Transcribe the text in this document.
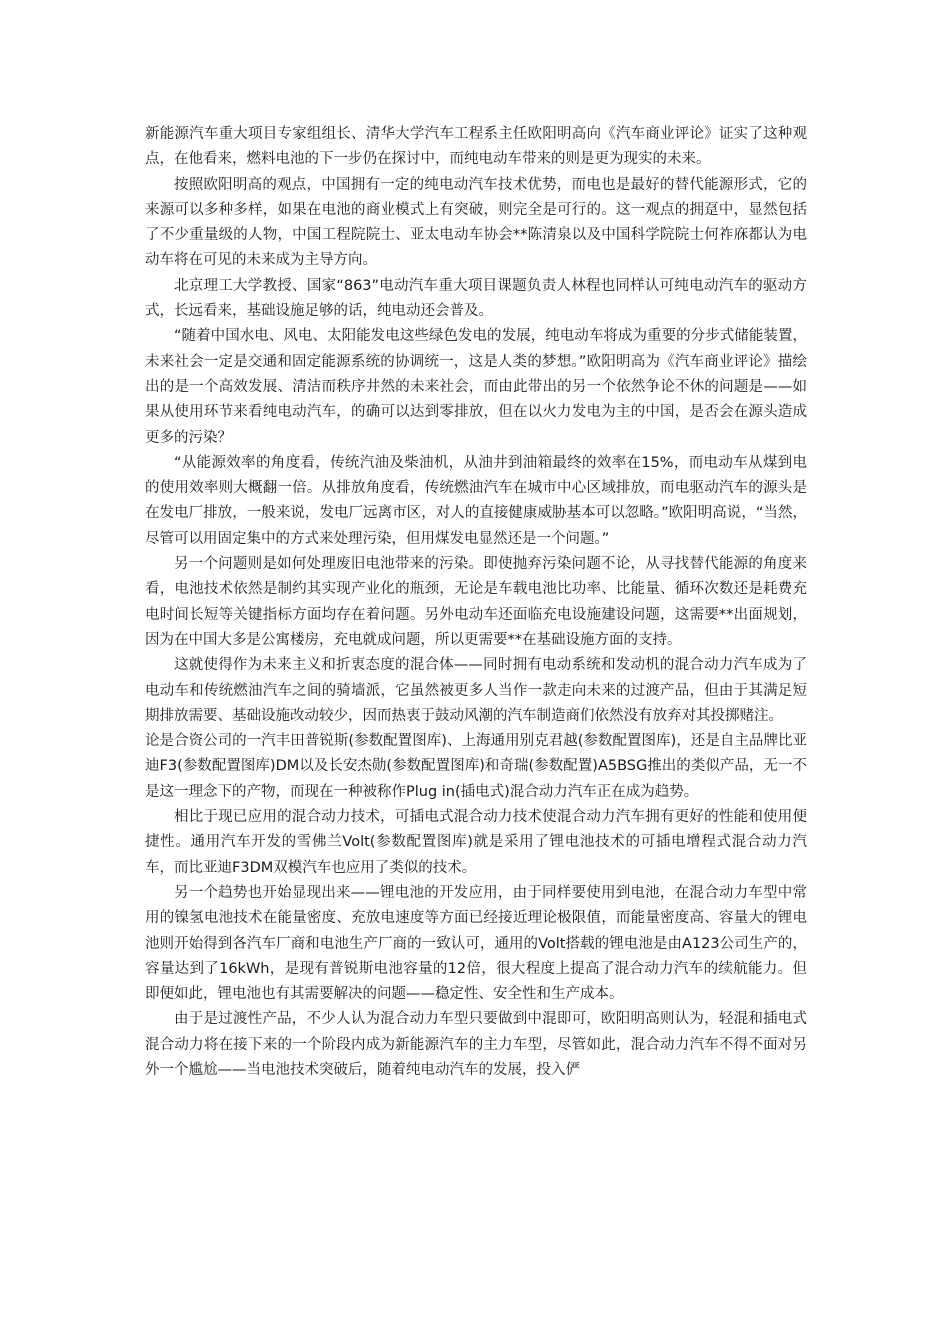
新能源汽车重大项目专家组组长、清华大学汽车工程系主任欧阳明高向《汽车商业评论》证实了这种观点，在他看来，燃料电池的下一步仍在探讨中，而纯电动车带来的则是更为现实的未来。

按照欧阳明高的观点，中国拥有一定的纯电动汽车技术优势，而电也是最好的替代能源形式，它的来源可以多种多样，如果在电池的商业模式上有突破，则完全是可行的。这一观点的拥趸中，显然包括了不少重量级的人物，中国工程院院士、亚太电动车协会**陈清泉以及中国科学院院士何祚庥都认为电动车将在可见的未来成为主导方向。

北京理工大学教授、国家“863”电动汽车重大项目课题负责人林程也同样认可纯电动汽车的驱动方式，长远看来，基础设施足够的话，纯电动还会普及。

“随着中国水电、风电、太阳能发电这些绿色发电的发展，纯电动车将成为重要的分步式储能装置，未来社会一定是交通和固定能源系统的协调统一，这是人类的梦想。”欧阳明高为《汽车商业评论》描绘出的是一个高效发展、清洁而秩序井然的未来社会，而由此带出的另一个依然争论不休的问题是——如果从使用环节来看纯电动汽车，的确可以达到零排放，但在以火力发电为主的中国，是否会在源头造成更多的污染？

“从能源效率的角度看，传统汽油及柴油机，从油井到油箱最终的效率在15%，而电动车从煤到电的使用效率则大概翻一倍。从排放角度看，传统燃油汽车在城市中心区域排放，而电驱动汽车的源头是在发电厂排放，一般来说，发电厂远离市区，对人的直接健康威胁基本可以忽略。”欧阳明高说，“当然，尽管可以用固定集中的方式来处理污染，但用煤发电显然还是一个问题。”

另一个问题则是如何处理废旧电池带来的污染。即使抛弃污染问题不论，从寻找替代能源的角度来看，电池技术依然是制约其实现产业化的瓶颈，无论是车载电池比功率、比能量、循环次数还是耗费充电时间长短等关键指标方面均存在着问题。另外电动车还面临充电设施建设问题，这需要**出面规划，因为在中国大多是公寓楼房，充电就成问题，所以更需要**在基础设施方面的支持。

这就使得作为未来主义和折衷态度的混合体——同时拥有电动系统和发动机的混合动力汽车成为了电动车和传统燃油汽车之间的骑墙派，它虽然被更多人当作一款走向未来的过渡产品，但由于其满足短期排放需要、基础设施改动较少，因而热衷于鼓动风潮的汽车制造商们依然没有放弃对其投掷赌注。

论是合资公司的一汽丰田普锐斯(参数配置图库)、上海通用别克君越(参数配置图库)，还是自主品牌比亚迪F3(参数配置图库)DM以及长安杰勋(参数配置图库)和奇瑞(参数配置)A5BSG推出的类似产品，无一不是这一理念下的产物，而现在一种被称作Plug in(插电式)混合动力汽车正在成为趋势。

相比于现已应用的混合动力技术，可插电式混合动力技术使混合动力汽车拥有更好的性能和使用便捷性。通用汽车开发的雪佛兰Volt(参数配置图库)就是采用了锂电池技术的可插电增程式混合动力汽车，而比亚迪F3DM双模汽车也应用了类似的技术。

另一个趋势也开始显现出来——锂电池的开发应用，由于同样要使用到电池，在混合动力车型中常用的镍氢电池技术在能量密度、充放电速度等方面已经接近理论极限值，而能量密度高、容量大的锂电池则开始得到各汽车厂商和电池生产厂商的一致认可，通用的Volt搭载的锂电池是由A123公司生产的，容量达到了16kWh，是现有普锐斯电池容量的12倍，很大程度上提高了混合动力汽车的续航能力。但即便如此，锂电池也有其需要解决的问题——稳定性、安全性和生产成本。

由于是过渡性产品，不少人认为混合动力车型只要做到中混即可，欧阳明高则认为，轻混和插电式混合动力将在接下来的一个阶段内成为新能源汽车的主力车型，尽管如此，混合动力汽车不得不面对另外一个尴尬——当电池技术突破后，随着纯电动汽车的发展，投入俨
